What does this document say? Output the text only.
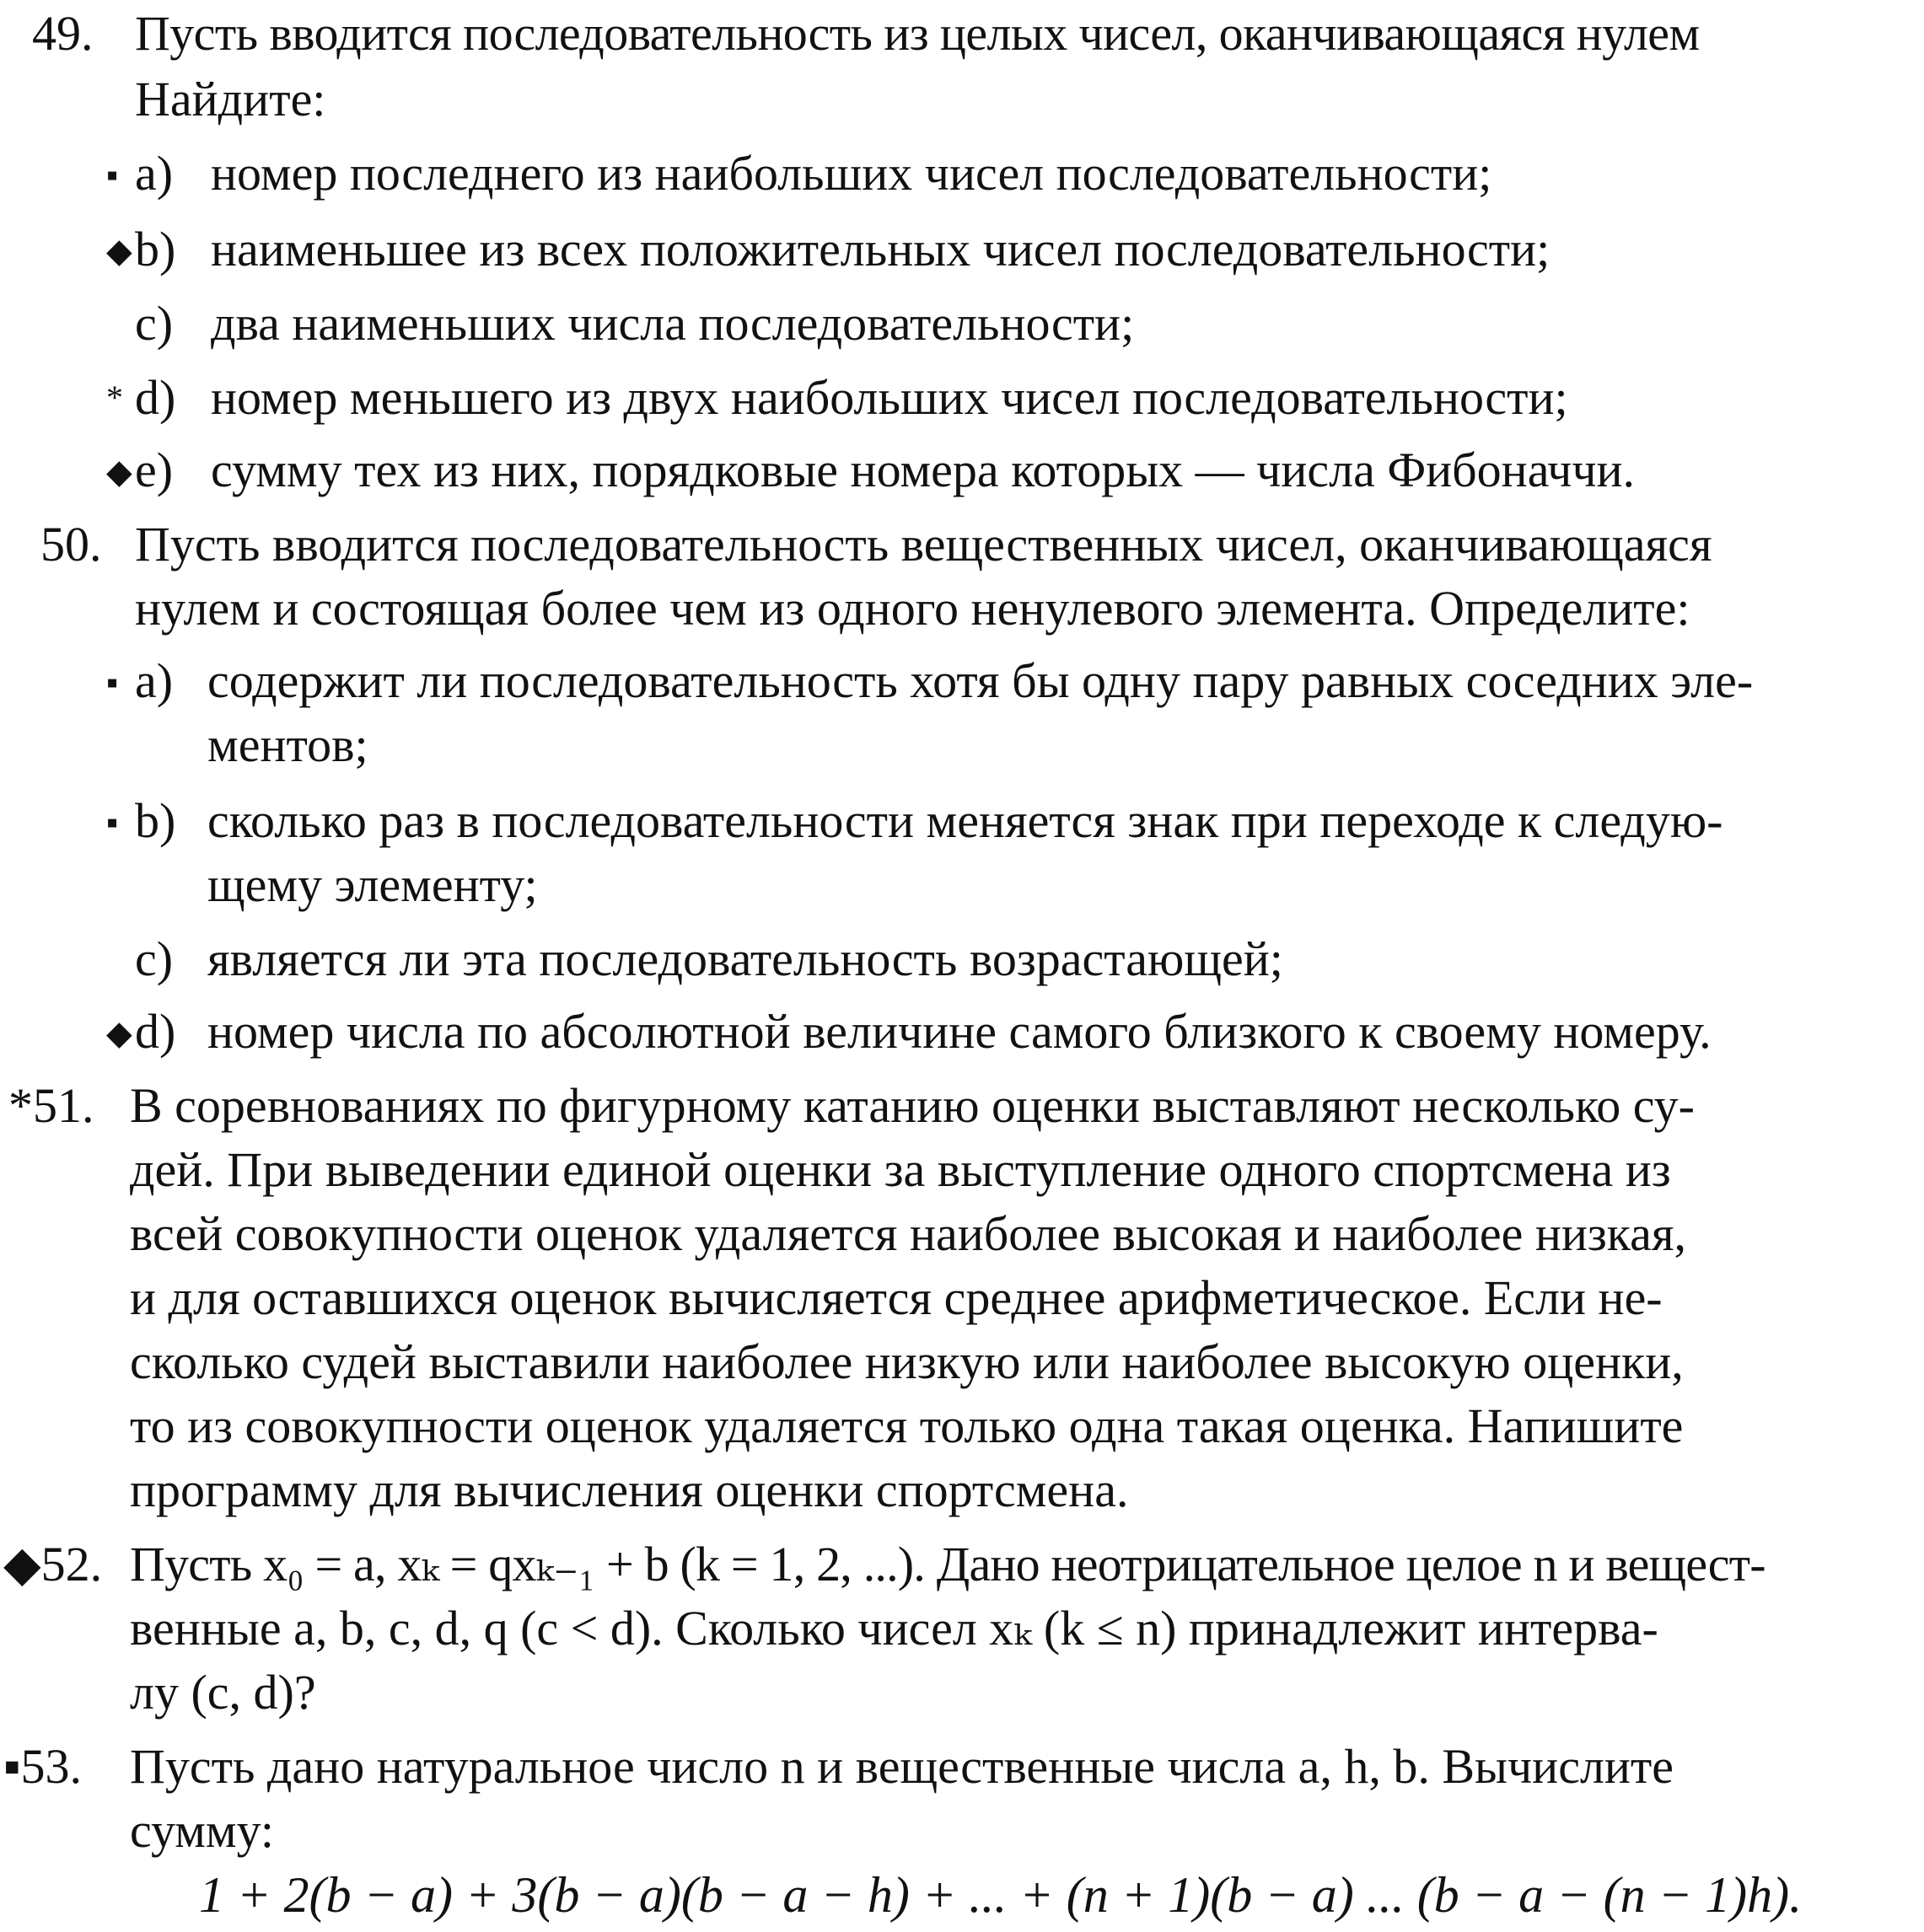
49. Пусть вводится последовательность из целых чисел, оканчивающаяся нулем
Найдите:
▪ a) номер последнего из наибольших чисел последовательности;
◆ b) наименьшее из всех положительных чисел последовательности;
c) два наименьших числа последовательности;
* d) номер меньшего из двух наибольших чисел последовательности;
◆ e) сумму тех из них, порядковые номера которых — числа Фибоначчи.
50. Пусть вводится последовательность вещественных чисел, оканчивающаяся
нулем и состоящая более чем из одного ненулевого элемента. Определите:
▪ a) содержит ли последовательность хотя бы одну пару равных соседних эле-
ментов;
▪ b) сколько раз в последовательности меняется знак при переходе к следую-
щему элементу;
c) является ли эта последовательность возрастающей;
◆ d) номер числа по абсолютной величине самого близкого к своему номеру.
*51. В соревнованиях по фигурному катанию оценки выставляют несколько су-
дей. При выведении единой оценки за выступление одного спортсмена из
всей совокупности оценок удаляется наиболее высокая и наиболее низкая,
и для оставшихся оценок вычисляется среднее арифметическое. Если не-
сколько судей выставили наиболее низкую или наиболее высокую оценки,
то из совокупности оценок удаляется только одна такая оценка. Напишите
программу для вычисления оценки спортсмена.
◆52. Пусть x₀ = a, xₖ = qxₖ₋₁ + b (k = 1, 2, ...). Дано неотрицательное целое n и вещест-
венные a, b, c, d, q (c < d). Сколько чисел xₖ (k ≤ n) принадлежит интерва-
лу (c, d)?
▪53. Пусть дано натуральное число n и вещественные числа a, h, b. Вычислите
сумму:
1 + 2(b − a) + 3(b − a)(b − a − h) + ... + (n + 1)(b − a) ... (b − a − (n − 1)h).
